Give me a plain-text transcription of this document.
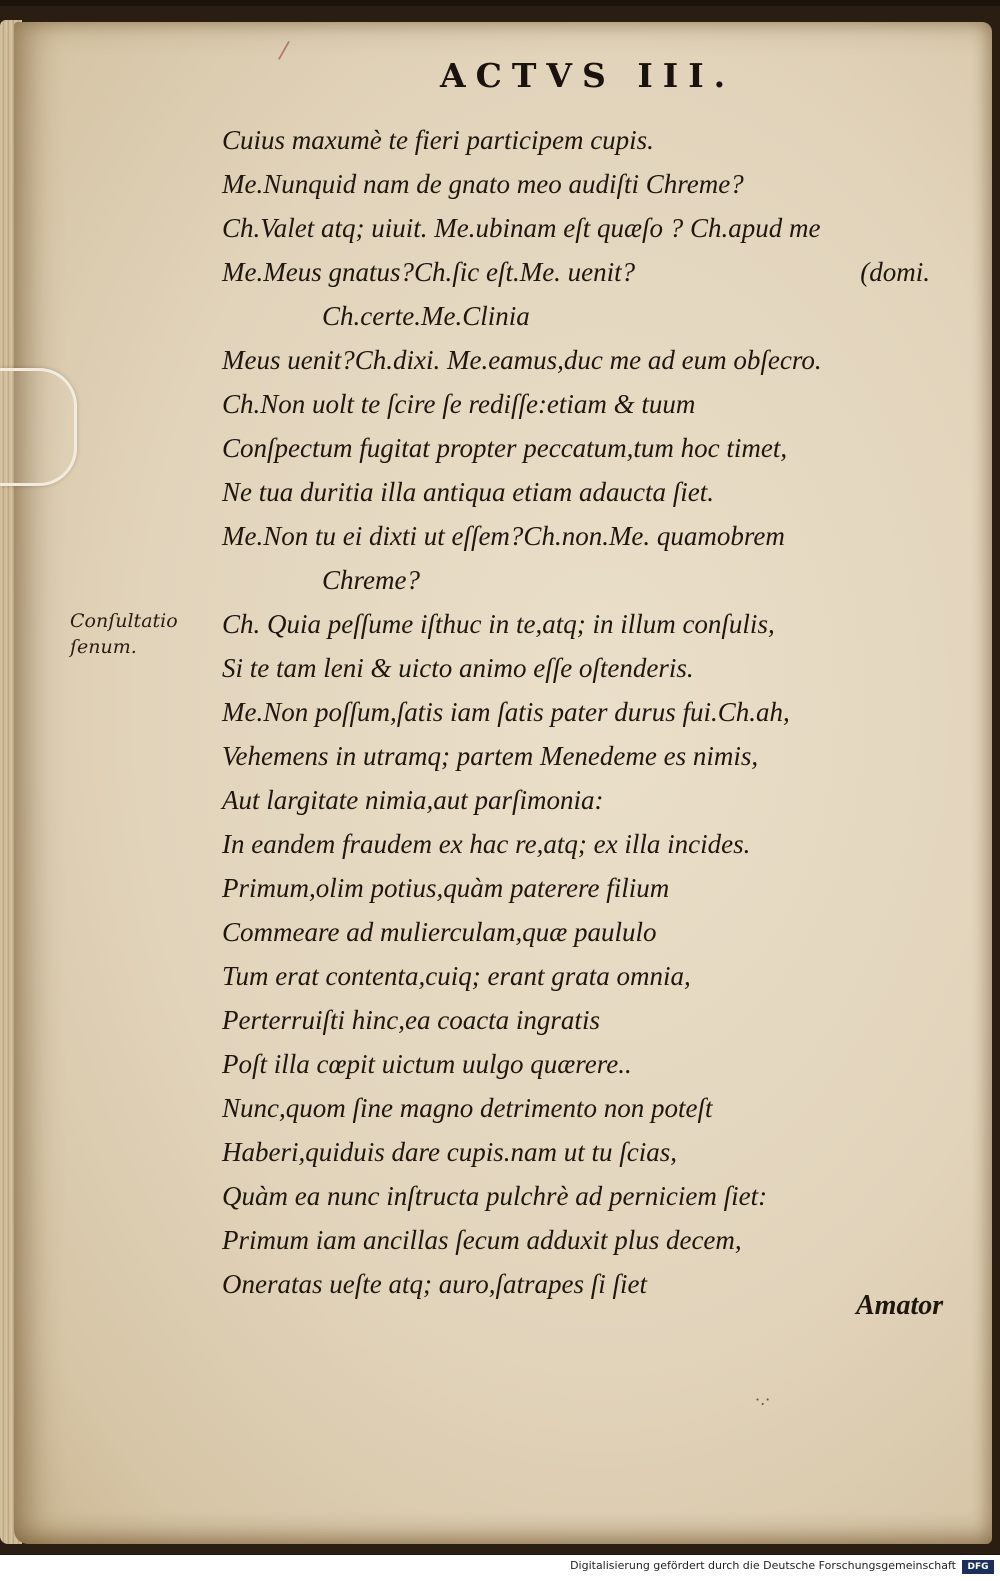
/
ACTVS III.
Conſultatio
ſenum.
Cuius maxumè te fieri participem cupis.
Me.Nunquid nam de gnato meo audiſti Chreme?
Ch.Valet atq; uiuit. Me.ubinam eſt quæſo ? Ch.apud me
Me.Meus gnatus?Ch.ſic eſt.Me. uenit?	(domi.
Ch.certe.Me.Clinia
Meus uenit?Ch.dixi. Me.eamus,duc me ad eum obſecro.
Ch.Non uolt te ſcire ſe rediſſe:etiam & tuum
Conſpectum fugitat propter peccatum,tum hoc timet,
Ne tua duritia illa antiqua etiam adaucta ſiet.
Me.Non tu ei dixti ut eſſem?Ch.non.Me. quamobrem
Chreme?
Ch. Quia peſſume iſthuc in te,atq; in illum conſulis,
Si te tam leni & uicto animo eſſe oſtenderis.
Me.Non poſſum,ſatis iam ſatis pater durus fui.Ch.ah,
Vehemens in utramq; partem Menedeme es nimis,
Aut largitate nimia,aut parſimonia:
In eandem fraudem ex hac re,atq; ex illa incides.
Primum,olim potius,quàm paterere filium
Commeare ad mulierculam,quæ paululo
Tum erat contenta,cuiq; erant grata omnia,
Perterruiſti hinc,ea coacta ingratis
Poſt illa cœpit uictum uulgo quærere..
Nunc,quom ſine magno detrimento non poteſt
Haberi,quiduis dare cupis.nam ut tu ſcias,
Quàm ea nunc inſtructa pulchrè ad perniciem ſiet:
Primum iam ancillas ſecum adduxit plus decem,
Oneratas ueſte atq; auro,ſatrapes ſi ſiet
Amator
·.·
Digitalisierung gefördert durch die Deutsche Forschungsgemeinschaft	DFG
